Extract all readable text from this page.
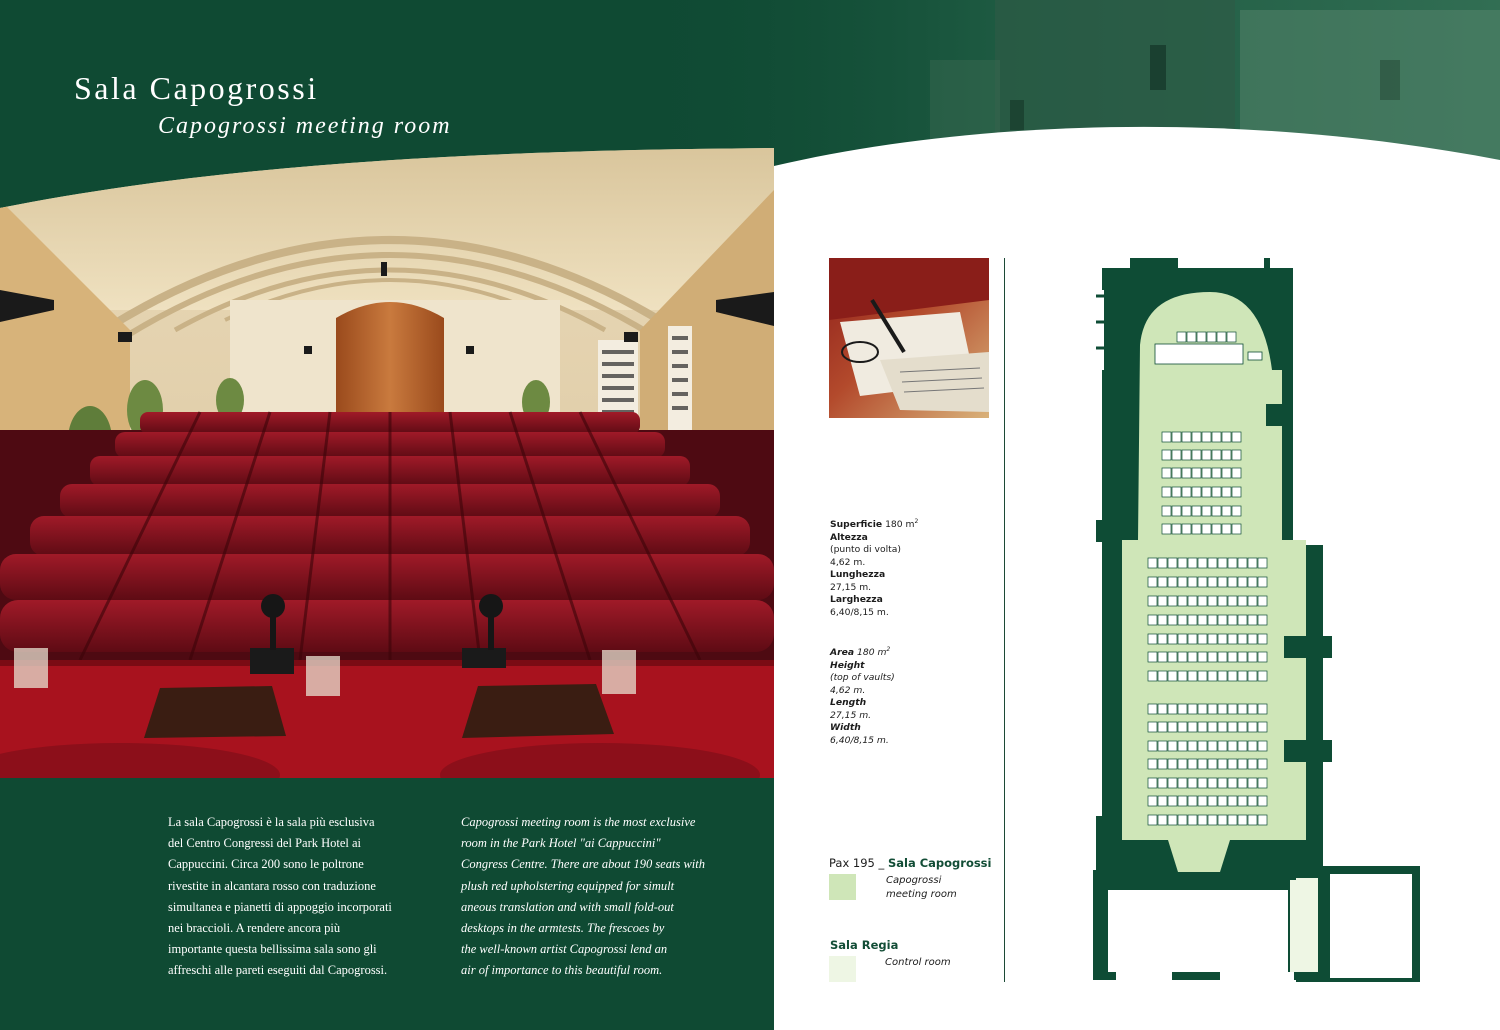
Sala Capogrossi
Capogrossi meeting room

La sala Capogrossi è la sala più esclusiva

del Centro Congressi del Park Hotel ai

Cappuccini. Circa 200 sono le poltrone

rivestite in alcantara rosso con traduzione

simultanea e pianetti di appoggio incorporati

nei braccioli. A rendere ancora più

importante questa bellissima sala sono gli

affreschi alle pareti eseguiti dal Capogrossi.

Capogrossi meeting room is the most exclusive

room in the Park Hotel "ai Cappuccini"

Congress Centre. There are about 190 seats with

plush red upholstering equipped for simult

aneous translation and with small fold-out

desktops in the armtests. The frescoes by

the well-known artist Capogrossi lend an

air of importance to this beautiful room.

Superficie 180 $m^2$
Altezza
(punto di volta)
4,62 m.
Lunghezza
27,15 m.
Larghezza
6,40/8,15 m.
Area 180 $m^2$
Height
(top of vaults)
4,62 m.
Length
27,15 m.
Width
6,40/8,15 m.
Pax 195 _ Sala Capogrossi
Capogrossi
meeting room
Sala Regia
Control room
